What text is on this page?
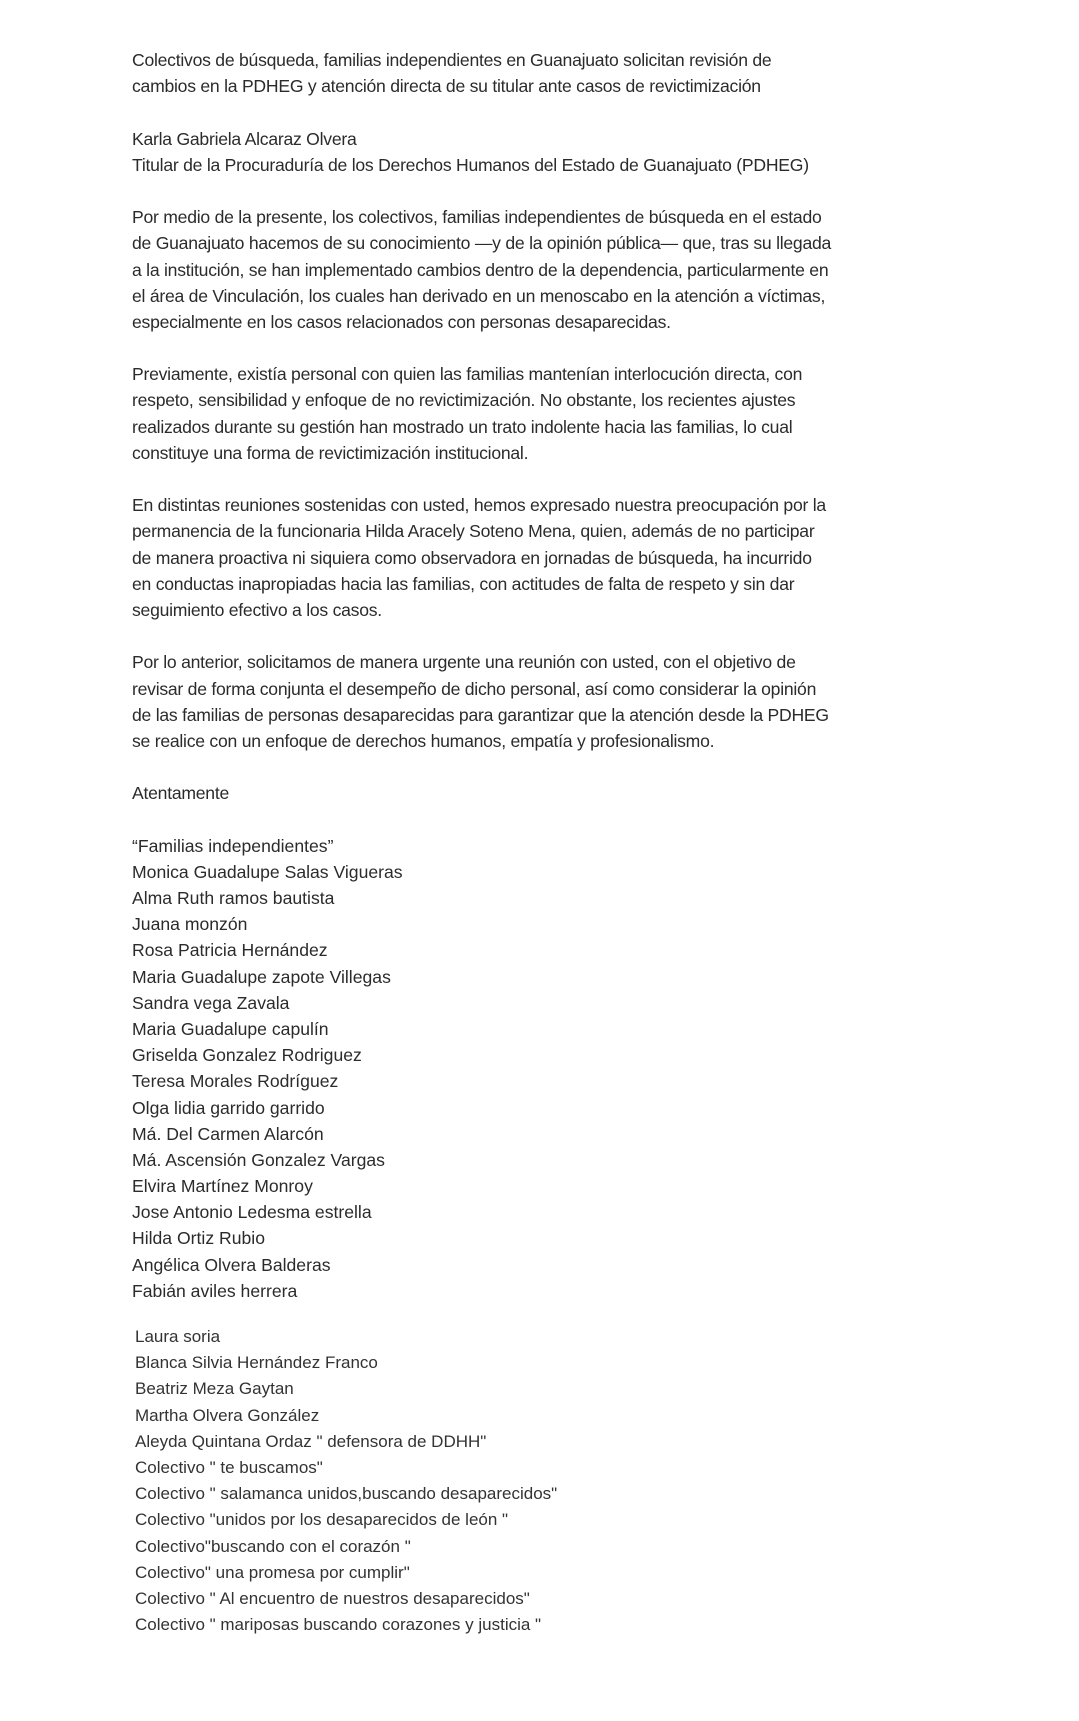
Colectivos de búsqueda, familias independientes en Guanajuato solicitan revisión de
cambios en la PDHEG y atención directa de su titular ante casos de revictimización
Karla Gabriela Alcaraz Olvera
Titular de la Procuraduría de los Derechos Humanos del Estado de Guanajuato (PDHEG)
Por medio de la presente, los colectivos, familias independientes de búsqueda en el estado
de Guanajuato hacemos de su conocimiento —y de la opinión pública— que, tras su llegada
a la institución, se han implementado cambios dentro de la dependencia, particularmente en
el área de Vinculación, los cuales han derivado en un menoscabo en la atención a víctimas,
especialmente en los casos relacionados con personas desaparecidas.
Previamente, existía personal con quien las familias mantenían interlocución directa, con
respeto, sensibilidad y enfoque de no revictimización. No obstante, los recientes ajustes
realizados durante su gestión han mostrado un trato indolente hacia las familias, lo cual
constituye una forma de revictimización institucional.
En distintas reuniones sostenidas con usted, hemos expresado nuestra preocupación por la
permanencia de la funcionaria Hilda Aracely Soteno Mena, quien, además de no participar
de manera proactiva ni siquiera como observadora en jornadas de búsqueda, ha incurrido
en conductas inapropiadas hacia las familias, con actitudes de falta de respeto y sin dar
seguimiento efectivo a los casos.
Por lo anterior, solicitamos de manera urgente una reunión con usted, con el objetivo de
revisar de forma conjunta el desempeño de dicho personal, así como considerar la opinión
de las familias de personas desaparecidas para garantizar que la atención desde la PDHEG
se realice con un enfoque de derechos humanos, empatía y profesionalismo.
Atentamente
“Familias independientes”
Monica Guadalupe Salas Vigueras
Alma Ruth ramos bautista
Juana monzón
Rosa Patricia Hernández
Maria Guadalupe zapote Villegas
Sandra vega Zavala
Maria Guadalupe capulín
Griselda Gonzalez Rodriguez
Teresa Morales Rodríguez
Olga lidia garrido garrido
Má. Del Carmen Alarcón
Má. Ascensión Gonzalez Vargas
Elvira Martínez Monroy
Jose Antonio Ledesma estrella
Hilda Ortiz Rubio
Angélica Olvera Balderas
Fabián aviles herrera
Laura soria
Blanca Silvia Hernández Franco
Beatriz Meza Gaytan
Martha Olvera González
Aleyda Quintana Ordaz " defensora de DDHH"
Colectivo " te buscamos"
Colectivo " salamanca unidos,buscando desaparecidos"
Colectivo "unidos por los desaparecidos de león "
Colectivo"buscando con el corazón "
Colectivo" una promesa por cumplir"
Colectivo " Al encuentro de nuestros desaparecidos"
Colectivo " mariposas buscando corazones y justicia "
